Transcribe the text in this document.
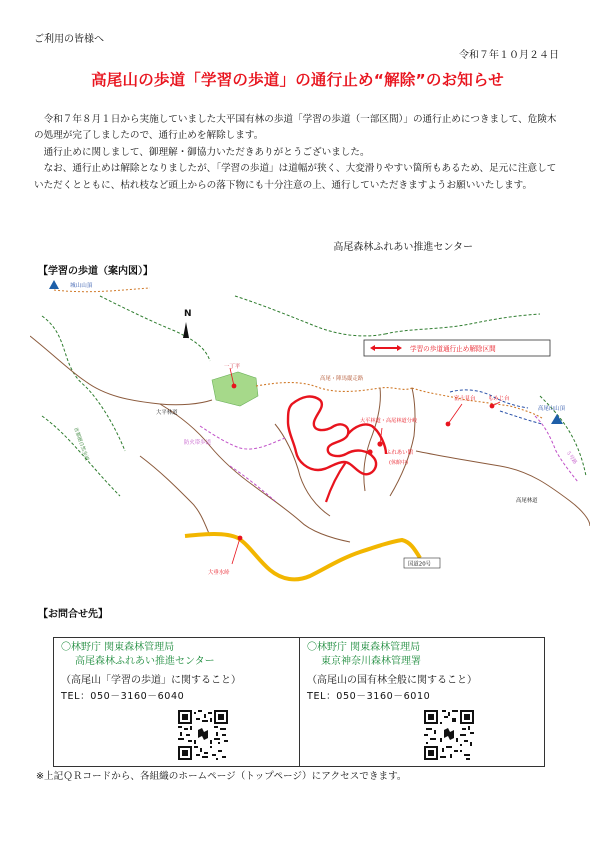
ご利用の皆様へ
令和７年１０月２４日
高尾山の歩道「学習の歩道」の通行止め“解除”のお知らせ

令和７年８月１日から実施していました大平国有林の歩道「学習の歩道（一部区間）」の通行止めにつきまして、危険木の処理が完了しましたので、通行止めを解除します。

通行止めに関しまして、御理解・御協力いただきありがとうございました。

なお、通行止めは解除となりましたが、「学習の歩道」は道幅が狭く、大変滑りやすい箇所もあるため、足元に注意していただくとともに、枯れ枝など頭上からの落下物にも十分注意の上、通行していただきますようお願いいたします。

高尾森林ふれあい推進センター
【学習の歩道（案内図）】
N
学習の歩道通行止め解除区間
城山山頂
一丁平
高尾・陣馬縦走路
大平林道
防火帯歩道
首都圏自然歩道
大平林道・高尾林道分岐
ふれあい館
(休館中)
富士見台 もみじ台
高尾山山頂
５号路
高尾林道
大垂水峠
国道20号
【お問合せ先】
〇林野庁 関東森林管理局
高尾森林ふれあい推進センター
（高尾山「学習の歩道」に関すること）
TEL：050－3160－6040
〇林野庁 関東森林管理局
東京神奈川森林管理署
（高尾山の国有林全般に関すること）
TEL：050－3160－6010
※上記ＱＲコードから、各組織のホームページ（トップページ）にアクセスできます。
